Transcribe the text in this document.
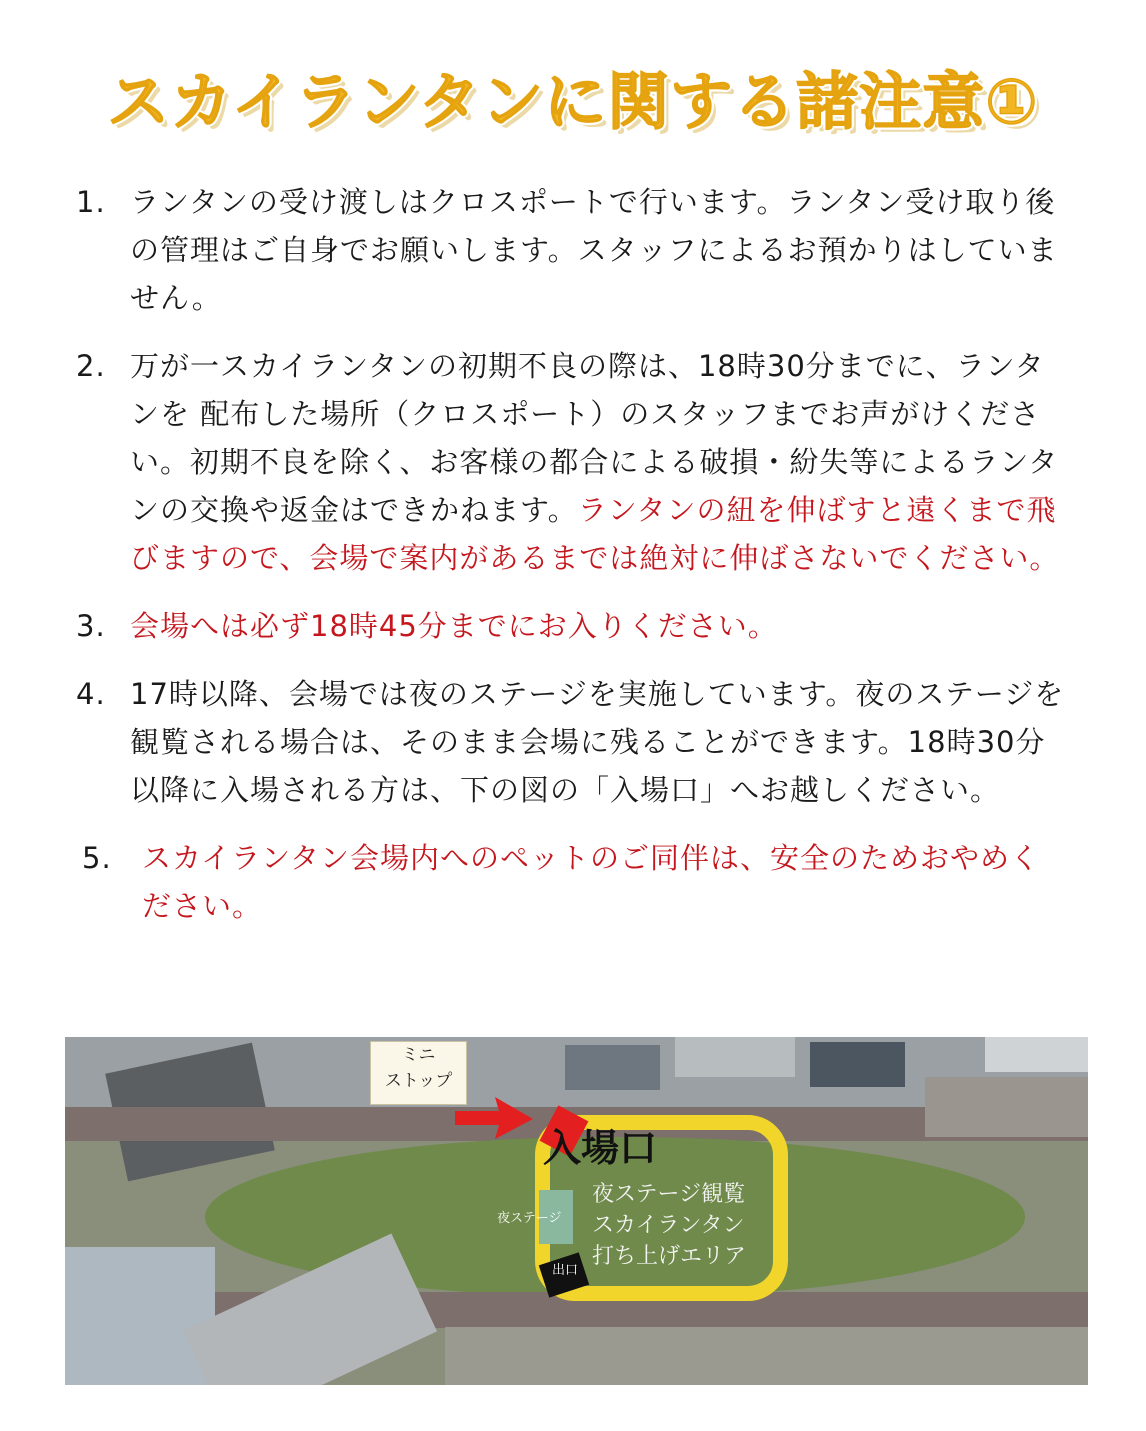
スカイランタンに関する諸注意①
1. ランタンの受け渡しはクロスポートで行います。ランタン受け取り後の管理はご自身でお願いします。スタッフによるお預かりはしていません。
2. 万が一スカイランタンの初期不良の際は、18時30分までに、ランタンを 配布した場所（クロスポート）のスタッフまでお声がけください。初期不良を除く、お客様の都合による破損・紛失等によるランタンの交換や返金はできかねます。ランタンの紐を伸ばすと遠くまで飛びますので、会場で案内があるまでは絶対に伸ばさないでください。
3. 会場へは必ず18時45分までにお入りください。
4. 17時以降、会場では夜のステージを実施しています。夜のステージを観覧される場合は、そのまま会場に残ることができます。18時30分以降に入場される方は、下の図の「入場口」へお越しください。
5.	スカイランタン会場内へのペットのご同伴は、安全のためおやめください。
ミニ
ストップ
入場口
夜ステージ
夜ステージ観覧
スカイランタン
打ち上げエリア
出口
